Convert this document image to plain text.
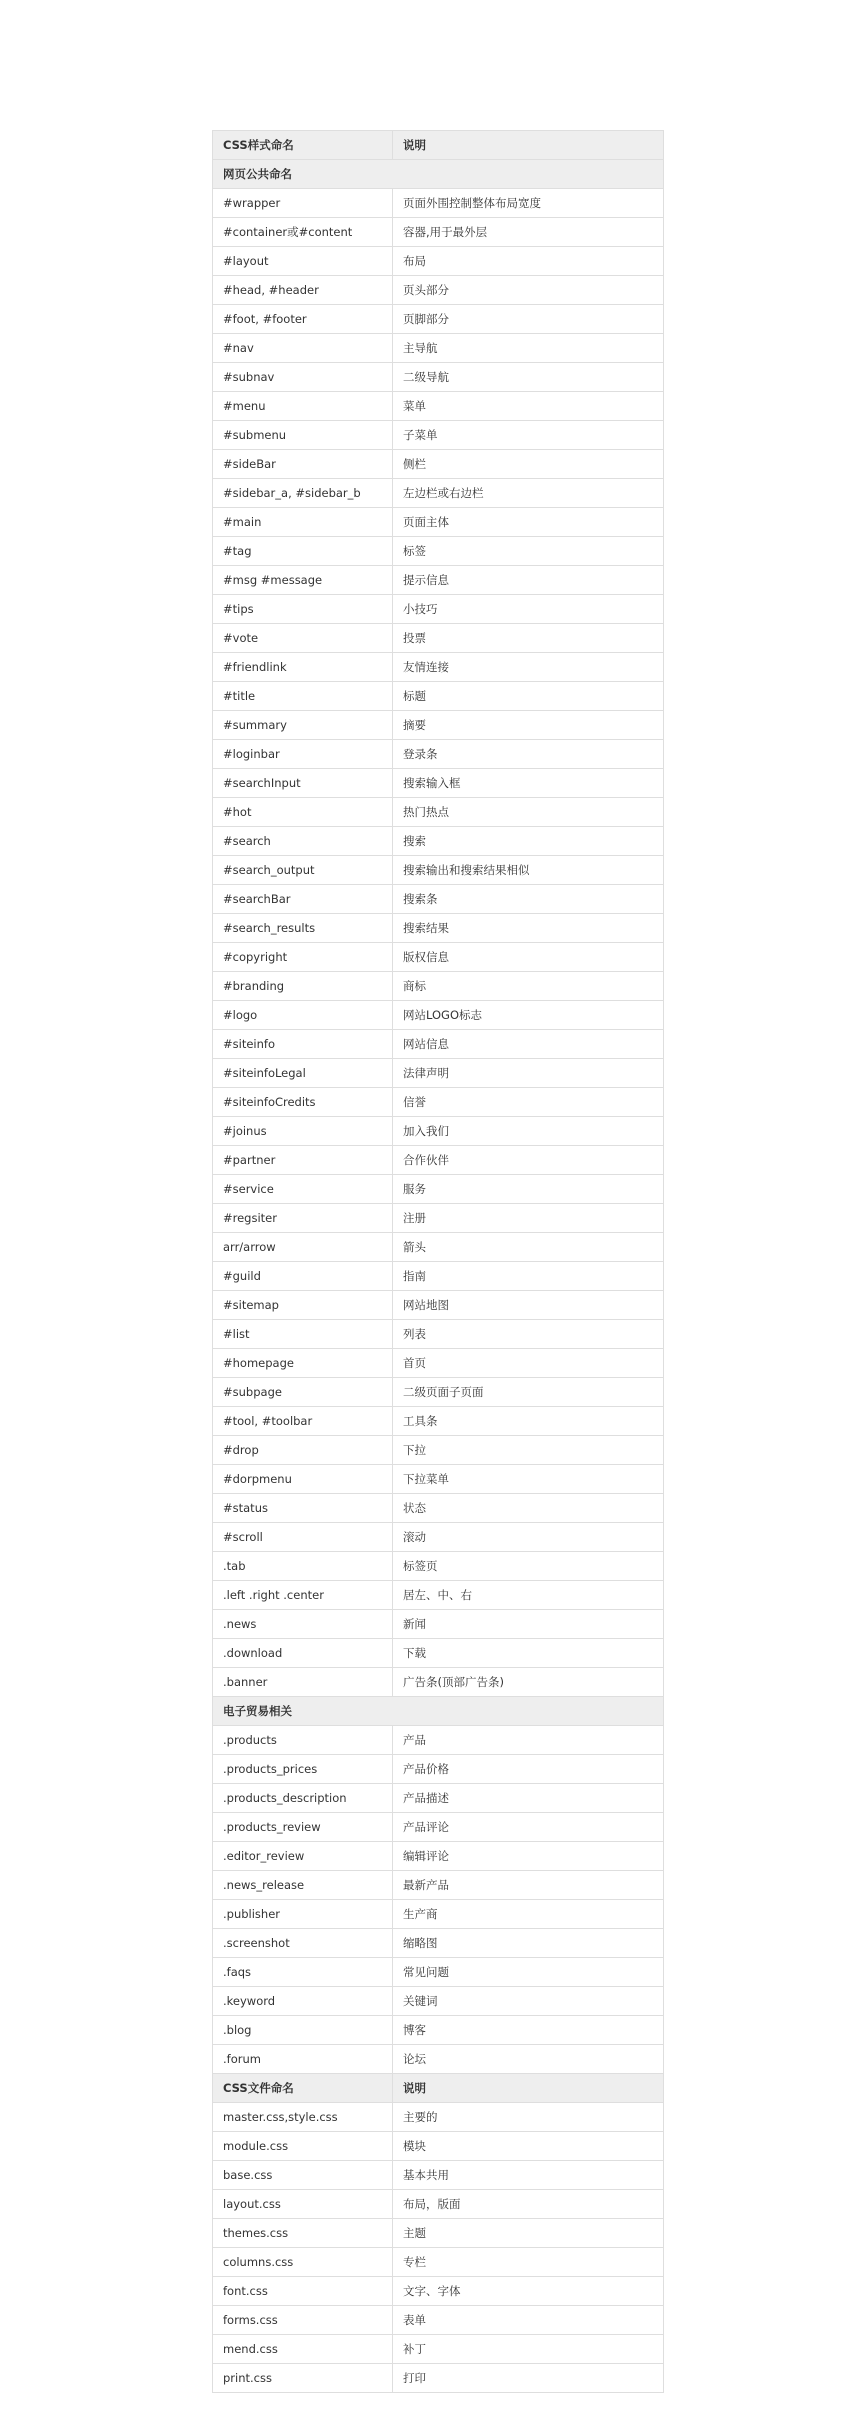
CSS样式命名	说明
网页公共命名	
#wrapper	页面外围控制整体布局宽度
#container或#content	容器,用于最外层
#layout	布局
#head, #header	页头部分
#foot, #footer	页脚部分
#nav	主导航
#subnav	二级导航
#menu	菜单
#submenu	子菜单
#sideBar	侧栏
#sidebar_a, #sidebar_b	左边栏或右边栏
#main	页面主体
#tag	标签
#msg #message	提示信息
#tips	小技巧
#vote	投票
#friendlink	友情连接
#title	标题
#summary	摘要
#loginbar	登录条
#searchInput	搜索输入框
#hot	热门热点
#search	搜索
#search_output	搜索输出和搜索结果相似
#searchBar	搜索条
#search_results	搜索结果
#copyright	版权信息
#branding	商标
#logo	网站LOGO标志
#siteinfo	网站信息
#siteinfoLegal	法律声明
#siteinfoCredits	信誉
#joinus	加入我们
#partner	合作伙伴
#service	服务
#regsiter	注册
arr/arrow	箭头
#guild	指南
#sitemap	网站地图
#list	列表
#homepage	首页
#subpage	二级页面子页面
#tool, #toolbar	工具条
#drop	下拉
#dorpmenu	下拉菜单
#status	状态
#scroll	滚动
.tab	标签页
.left .right .center	居左、中、右
.news	新闻
.download	下载
.banner	广告条(顶部广告条)
电子贸易相关	
.products	产品
.products_prices	产品价格
.products_description	产品描述
.products_review	产品评论
.editor_review	编辑评论
.news_release	最新产品
.publisher	生产商
.screenshot	缩略图
.faqs	常见问题
.keyword	关键词
.blog	博客
.forum	论坛
CSS文件命名	说明
master.css,style.css	主要的
module.css	模块
base.css	基本共用
layout.css	布局，版面
themes.css	主题
columns.css	专栏
font.css	文字、字体
forms.css	表单
mend.css	补丁
print.css	打印
